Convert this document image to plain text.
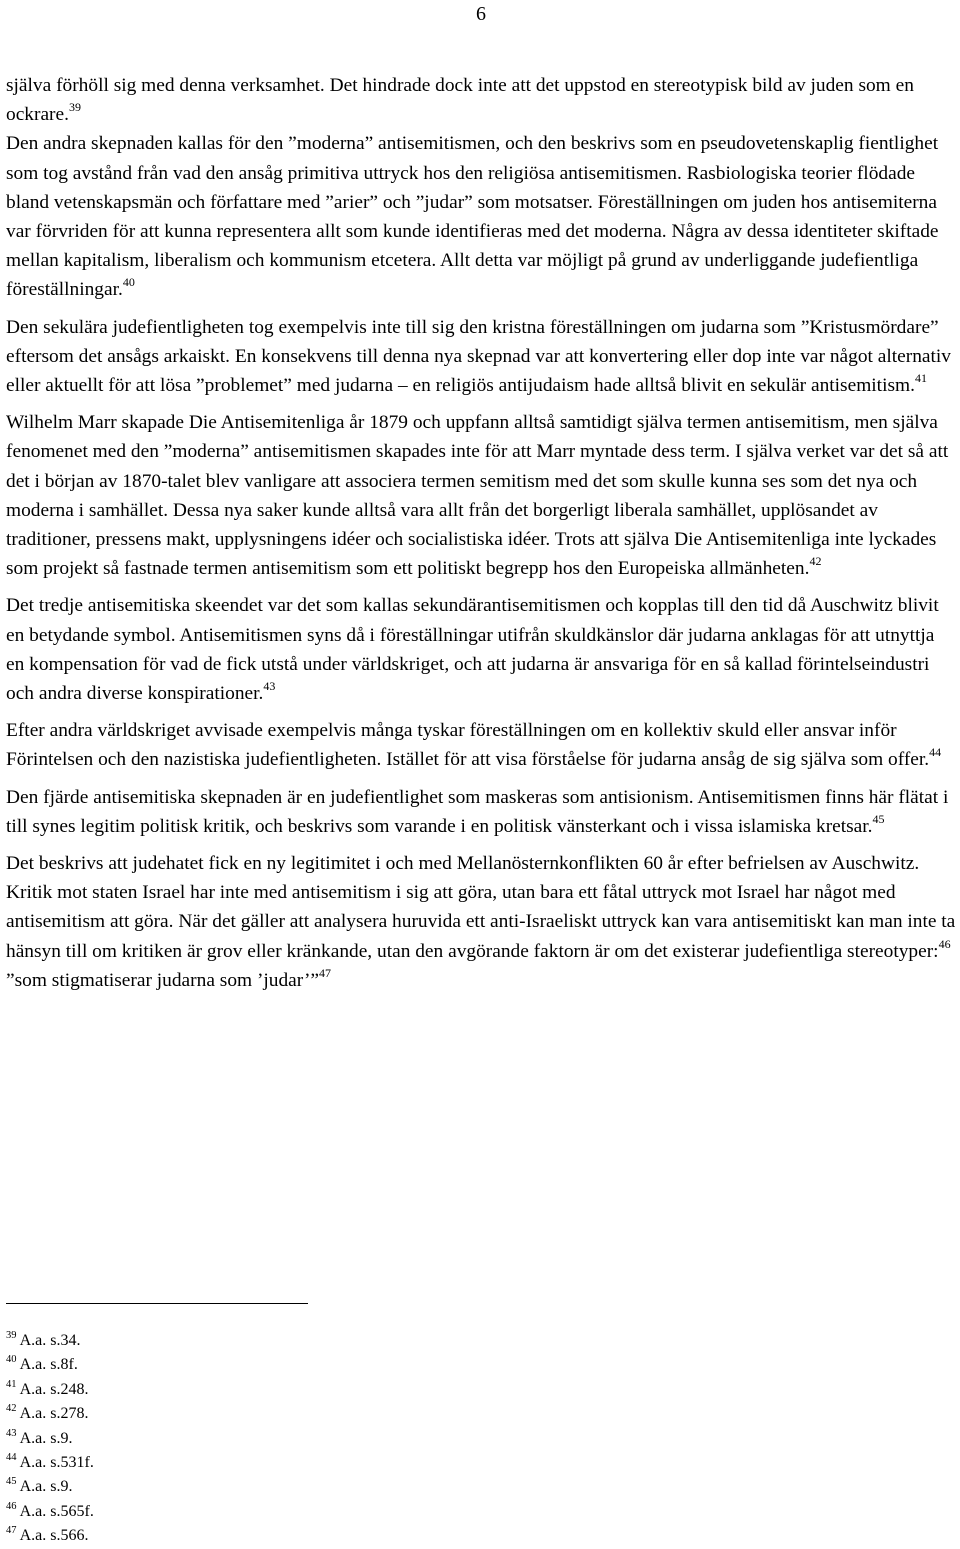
6

själva förhöll sig med denna verksamhet. Det hindrade dock inte att det uppstod en stereotypisk bild av juden som en ockrare.$^{39}$

Den andra skepnaden kallas för den ”moderna” antisemitismen, och den beskrivs som en pseudovetenskaplig fientlighet som tog avstånd från vad den ansåg primitiva uttryck hos den religiösa antisemitismen. Rasbiologiska teorier flödade bland vetenskapsmän och författare med ”arier” och ”judar” som motsatser. Föreställningen om juden hos antisemiterna var förvriden för att kunna representera allt som kunde identifieras med det moderna. Några av dessa identiteter skiftade mellan kapitalism, liberalism och kommunism etcetera. Allt detta var möjligt på grund av underliggande judefientliga föreställningar.$^{40}$

Den sekulära judefientligheten tog exempelvis inte till sig den kristna föreställningen om judarna som ”Kristusmördare” eftersom det ansågs arkaiskt. En konsekvens till denna nya skepnad var att konvertering eller dop inte var något alternativ eller aktuellt för att lösa ”problemet” med judarna – en religiös antijudaism hade alltså blivit en sekulär antisemitism.$^{41}$

Wilhelm Marr skapade Die Antisemitenliga år 1879 och uppfann alltså samtidigt själva termen antisemitism, men själva fenomenet med den ”moderna” antisemitismen skapades inte för att Marr myntade dess term. I själva verket var det så att det i början av 1870-talet blev vanligare att associera termen semitism med det som skulle kunna ses som det nya och moderna i samhället. Dessa nya saker kunde alltså vara allt från det borgerligt liberala samhället, upplösandet av traditioner, pressens makt, upplysningens idéer och socialistiska idéer. Trots att själva Die Antisemitenliga inte lyckades som projekt så fastnade termen antisemitism som ett politiskt begrepp hos den Europeiska allmänheten.$^{42}$

Det tredje antisemitiska skeendet var det som kallas sekundärantisemitismen och kopplas till den tid då Auschwitz blivit en betydande symbol. Antisemitismen syns då i föreställningar utifrån skuldkänslor där judarna anklagas för att utnyttja en kompensation för vad de fick utstå under världskriget, och att judarna är ansvariga för en så kallad förintelseindustri och andra diverse konspirationer.$^{43}$

Efter andra världskriget avvisade exempelvis många tyskar föreställningen om en kollektiv skuld eller ansvar inför Förintelsen och den nazistiska judefientligheten. Istället för att visa förståelse för judarna ansåg de sig själva som offer.$^{44}$

Den fjärde antisemitiska skepnaden är en judefientlighet som maskeras som antisionism. Antisemitismen finns här flätat i till synes legitim politisk kritik, och beskrivs som varande i en politisk vänsterkant och i vissa islamiska kretsar.$^{45}$

Det beskrivs att judehatet fick en ny legitimitet i och med Mellanösternkonflikten 60 år efter befrielsen av Auschwitz. Kritik mot staten Israel har inte med antisemitism i sig att göra, utan bara ett fåtal uttryck mot Israel har något med antisemitism att göra. När det gäller att analysera huruvida ett anti-Israeliskt uttryck kan vara antisemitiskt kan man inte ta hänsyn till om kritiken är grov eller kränkande, utan den avgörande faktorn är om det existerar judefientliga stereotyper:$^{46}$ ”som stigmatiserar judarna som ’judar’”$^{47}$

$^{39}$ A.a. s.34.
$^{40}$ A.a. s.8f.
$^{41}$ A.a. s.248.
$^{42}$ A.a. s.278.
$^{43}$ A.a. s.9.
$^{44}$ A.a. s.531f.
$^{45}$ A.a. s.9.
$^{46}$ A.a. s.565f.
$^{47}$ A.a. s.566.
